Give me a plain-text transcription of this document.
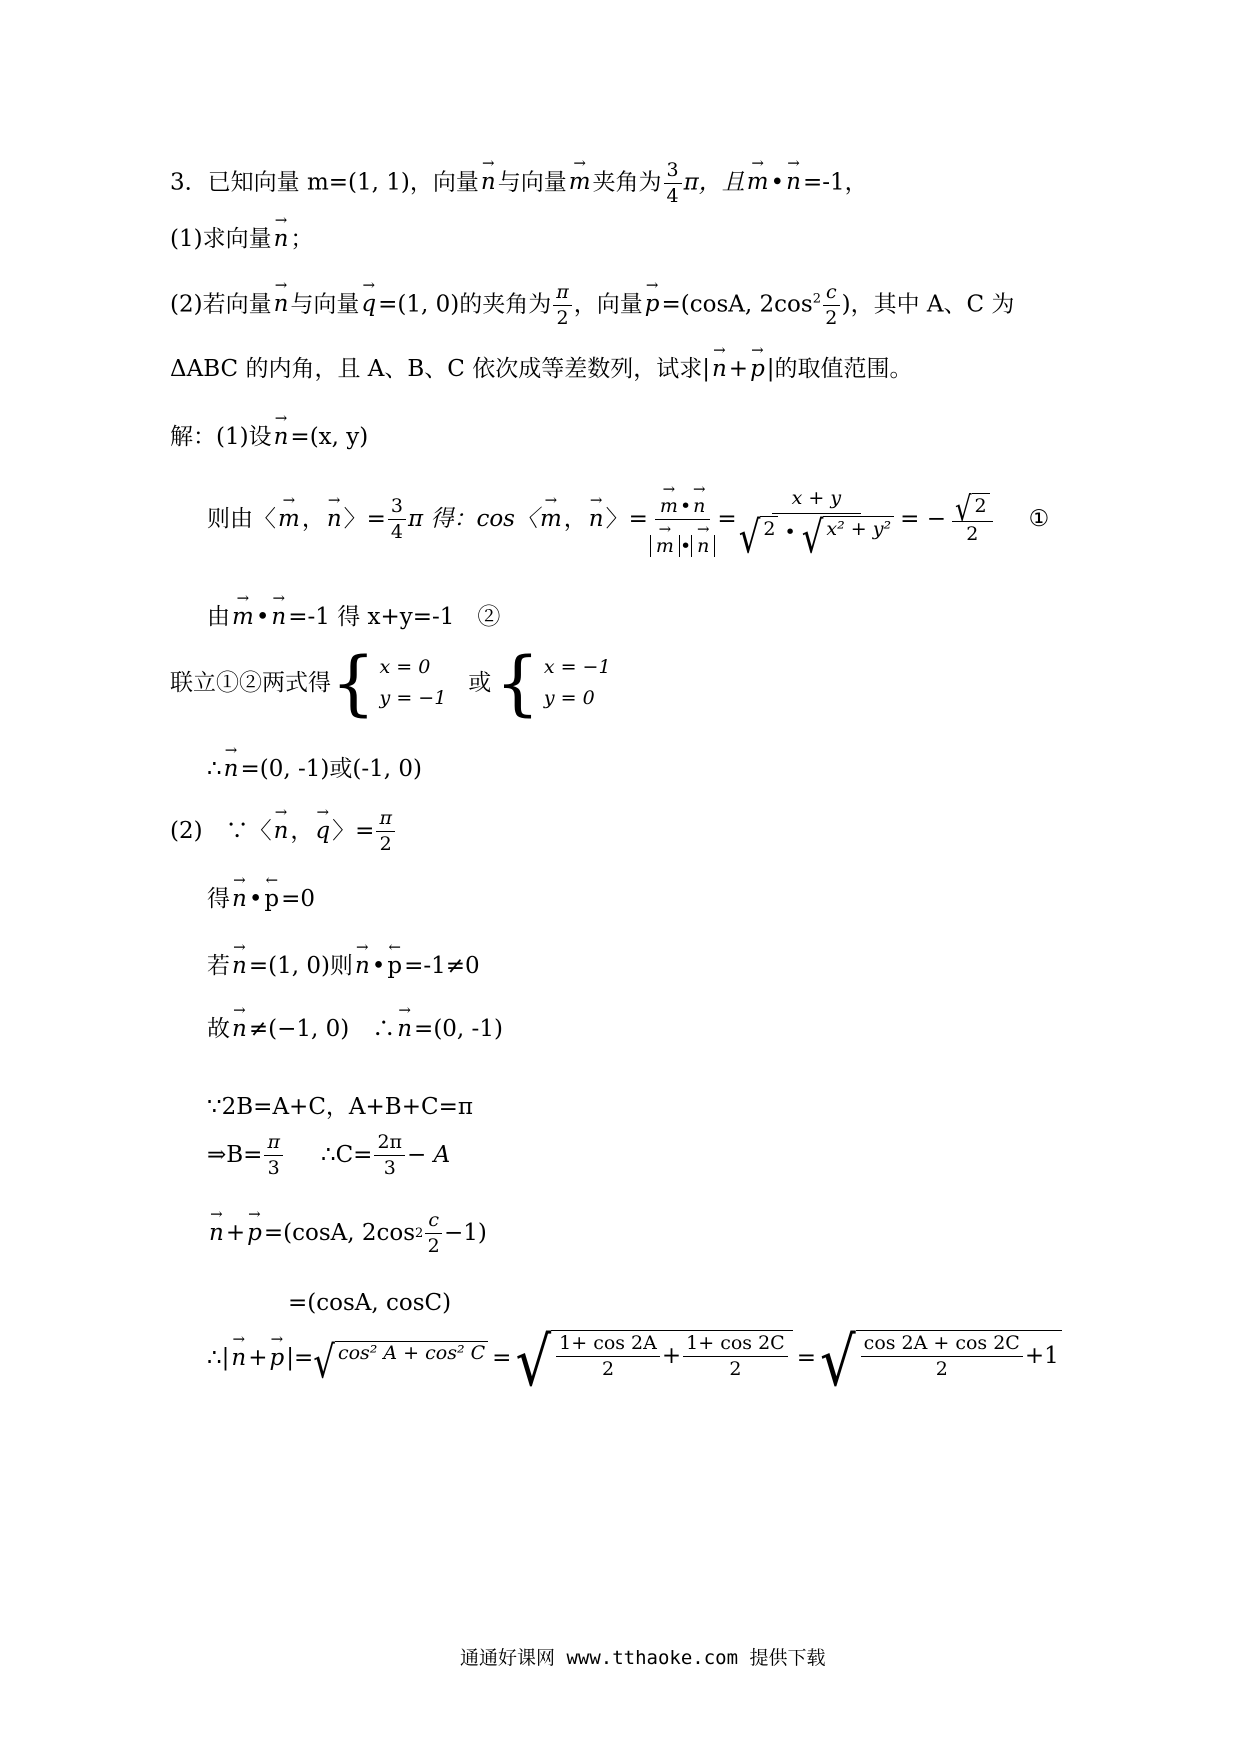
3．已知向量 m=(1, 1)，向量→ n与向量→ m夹角为 $\frac{3}{4}$ π，且→ m•→ n=-1，
(1)求向量→ n；
(2)若向量→ n与向量→ q=(1, 0)的夹角为 $\frac{\pi}{2}$ ，向量→ p=(cosA, $2\cos^2 \frac{c}{2}$ )，其中 A、C 为
ΔABC 的内角，且 A、B、C 依次成等差数列，试求|→ n+→ p|的取值范围。
解：(1)设→ n=(x, y)
则由〈 → m ， → n 〉= $\frac{3}{4}$ π 得：cos〈 → m ， → n 〉= → m • → n
→ m • → $n = \frac{x + y}{\text{√ 2 • √ x² + y²}}$ = − $\frac{√ 2}{2}$ ①
由→ m•→ n=-1 得 x+y=-1　②
联立①②两式得 { x = 0
y = −1
或 { x = −1
y = 0
∴→ n=(0, -1)或(-1, 0)
(2)　∵〈 → n ， → q 〉= $\frac{\pi}{2}$
得→ n•← p=0
若→ n=(1, 0)则→ n•← p=-1≠0
故→ n≠(−1, 0)　∴→ n=(0, -1)
∵2B=A+C，A+B+C=π
⇒B= $\frac{\pi}{3}$ ∴C= $\frac{2\pi}{3} - A$
→ n + → p =(cosA, 2cos $2 \frac{c}{2} -1$)
=(cosA, cosC)
∴| → n + → p |= √ cos² A + cos² C = √ $\frac{1+ \cos 2A}{2} + \frac{1+ \cos 2C}{2}$ = √ $\frac{\cos 2A + \cos 2C}{2} +1$
通通好课网 www.tthaoke.com 提供下载
